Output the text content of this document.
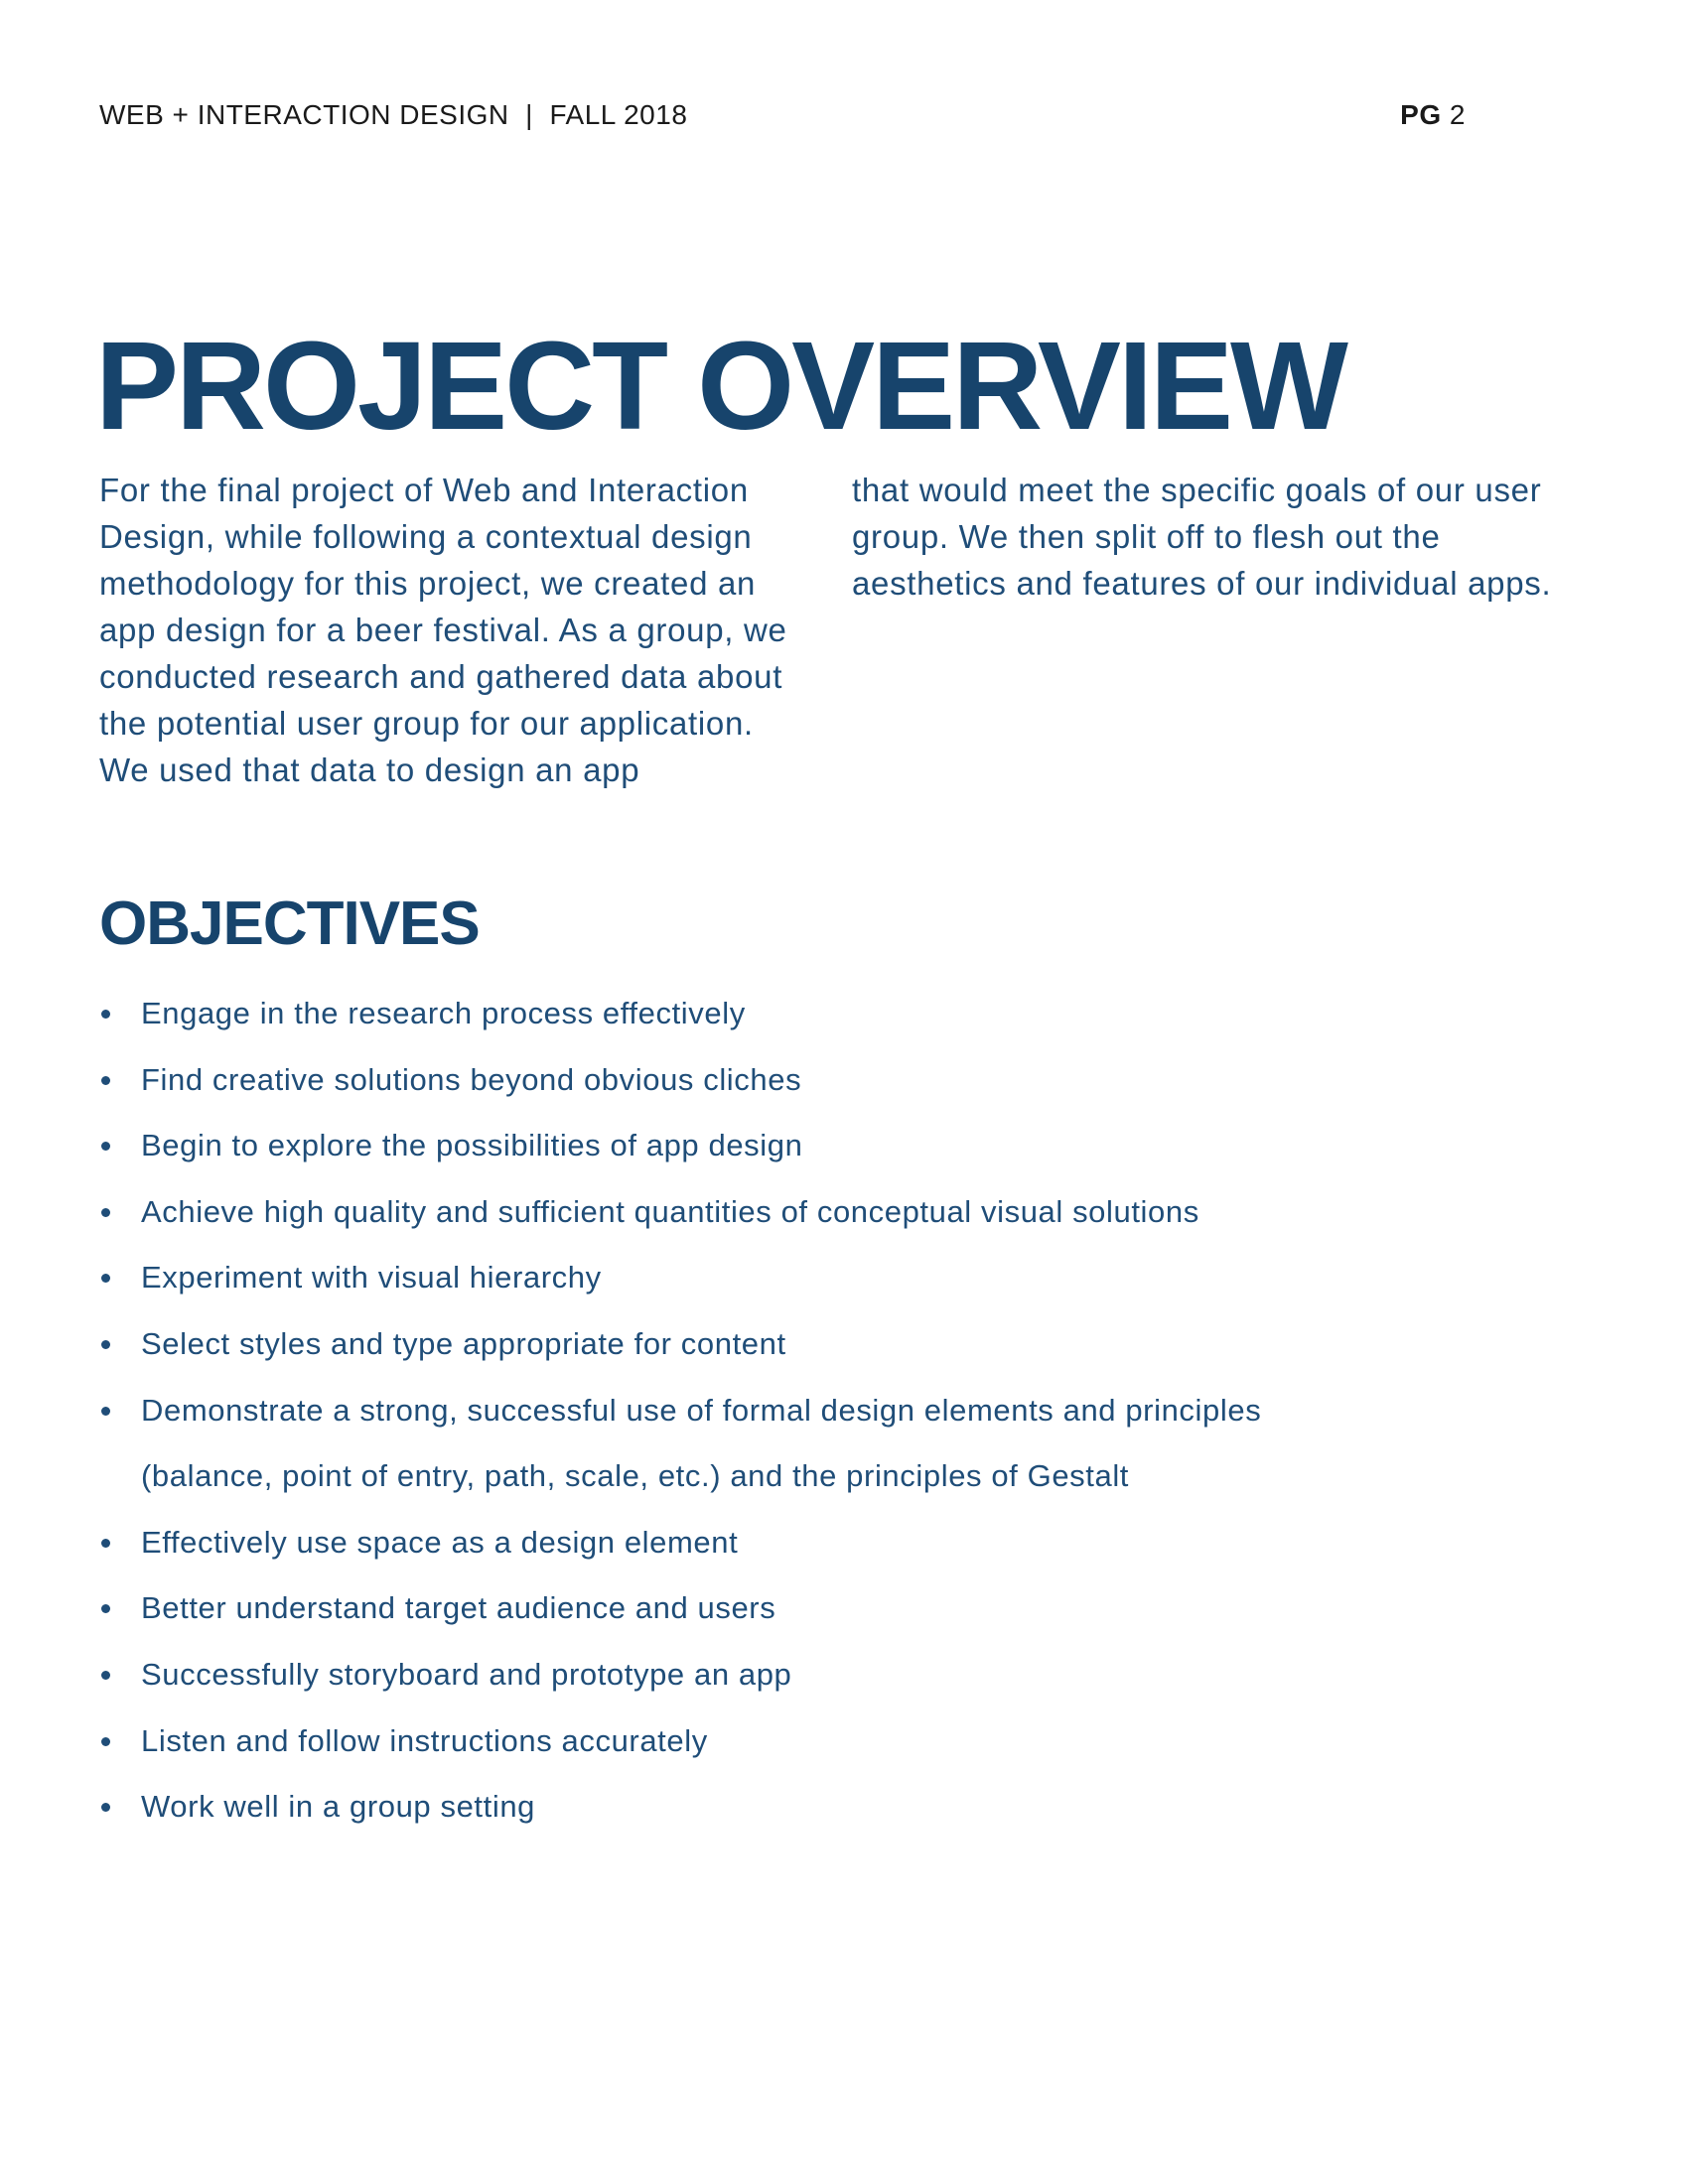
WEB + INTERACTION DESIGN  |  FALL 2018	PG 2
PROJECT OVERVIEW
For the final project of Web and Interaction Design, while following a contextual design methodology for this project, we created an app design for a beer festival. As a group, we conducted research and gathered data about the potential user group for our application. We used that data to design an app
that would meet the specific goals of our user group. We then split off to flesh out the aesthetics and features of our individual apps.
OBJECTIVES
Engage in the research process effectively
Find creative solutions beyond obvious cliches
Begin to explore the possibilities of app design
Achieve high quality and sufficient quantities of conceptual visual solutions
Experiment with visual hierarchy
Select styles and type appropriate for content
Demonstrate a strong, successful use of formal design elements and principles (balance, point of entry, path, scale, etc.) and the principles of Gestalt
Effectively use space as a design element
Better understand target audience and users
Successfully storyboard and prototype an app
Listen and follow instructions accurately
Work well in a group setting
